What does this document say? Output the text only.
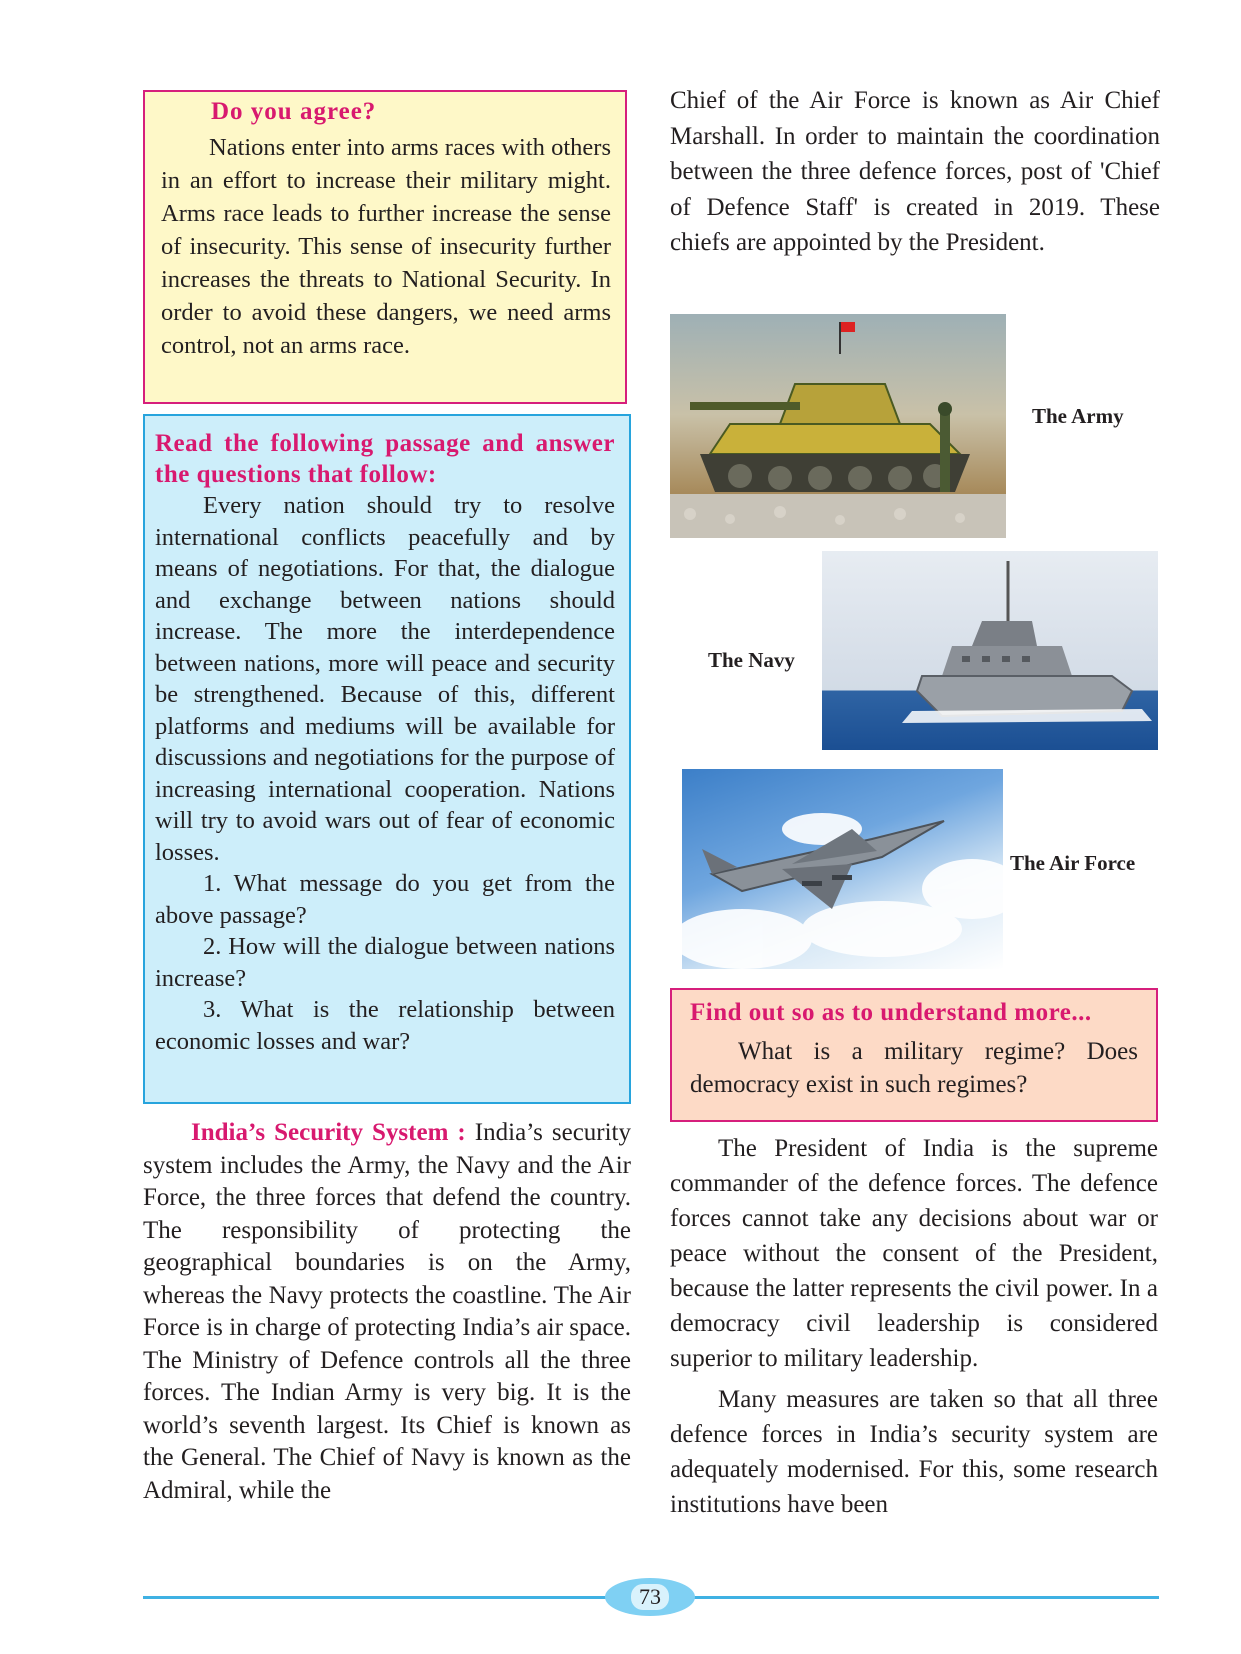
Do you agree?

Nations enter into arms races with others in an effort to increase their military might. Arms race leads to further increase the sense of insecurity. This sense of insecurity further increases the threats to National Security. In order to avoid these dangers, we need arms control, not an arms race.

Read the following passage and answer the questions that follow:

Every nation should try to resolve international conflicts peacefully and by means of negotiations. For that, the dialogue and exchange between nations should increase. The more the interdependence between nations, more will peace and security be strengthened. Because of this, different platforms and mediums will be available for discussions and negotiations for the purpose of increasing international cooperation. Nations will try to avoid wars out of fear of economic losses.

1. What message do you get from the above passage?

2. How will the dialogue between nations increase?

3. What is the relationship between economic losses and war?

India’s Security System : India’s security system includes the Army, the Navy and the Air Force, the three forces that defend the country. The responsibility of protecting the geographical boundaries is on the Army, whereas the Navy protects the coastline. The Air Force is in charge of protecting India’s air space. The Ministry of Defence controls all the three forces. The Indian Army is very big. It is the world’s seventh largest. Its Chief is known as the General. The Chief of Navy is known as the Admiral, while the

Chief of the Air Force is known as Air Chief Marshall. In order to maintain the coordination between the three defence forces, post of 'Chief of Defence Staff' is created in 2019. These chiefs are appointed by the President.

The Army
The Navy
The Air Force
Find out so as to understand more...

What is a military regime? Does democracy exist in such regimes?

The President of India is the supreme commander of the defence forces. The defence forces cannot take any decisions about war or peace without the consent of the President, because the latter represents the civil power. In a democracy civil leadership is considered superior to military leadership.

Many measures are taken so that all three defence forces in India’s security system are adequately modernised. For this, some research institutions have been

73
